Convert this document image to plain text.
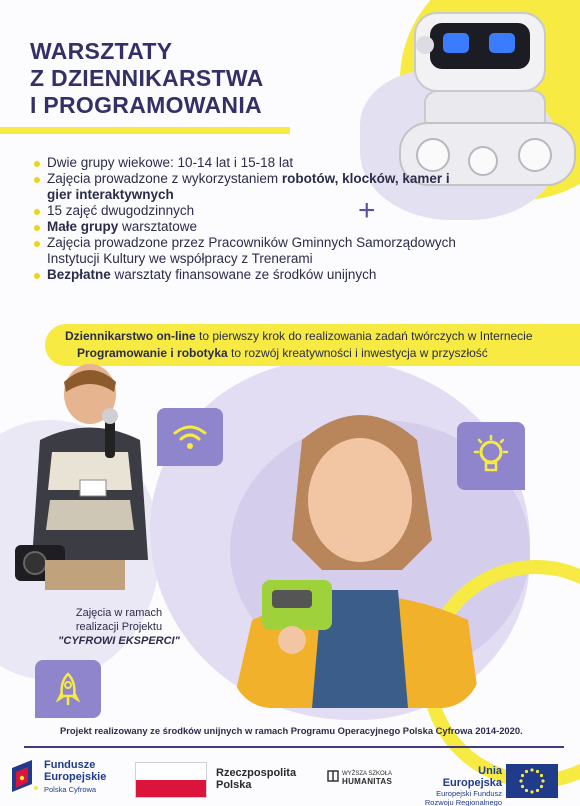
WARSZTATY
Z DZIENNIKARSTWA
I PROGRAMOWANIA
Dwie grupy wiekowe: 10-14 lat i 15-18 lat
Zajęcia prowadzone z wykorzystaniem robotów, klocków, kamer i gier interaktywnych
15 zajęć dwugodzinnych
Małe grupy warsztatowe
Zajęcia prowadzone przez Pracowników Gminnych Samorządowych Instytucji Kultury we współpracy z Trenerami
Bezpłatne warsztaty finansowane ze środków unijnych
+
Dziennikarstwo on-line to pierwszy krok do realizowania zadań twórczych w Internecie
Programowanie i robotyka to rozwój kreatywności i inwestycja w przyszłość
Zajęcia w ramach
realizacji Projektu
"CYFROWI EKSPERCI"
Projekt realizowany ze środków unijnych w ramach Programu Operacyjnego Polska Cyfrowa 2014-2020.
Fundusze
Europejskie
Polska Cyfrowa
Rzeczpospolita
Polska
WYŻSZA SZKOŁA
HUMANITAS
Unia Europejska
Europejski Fundusz
Rozwoju Regionalnego
